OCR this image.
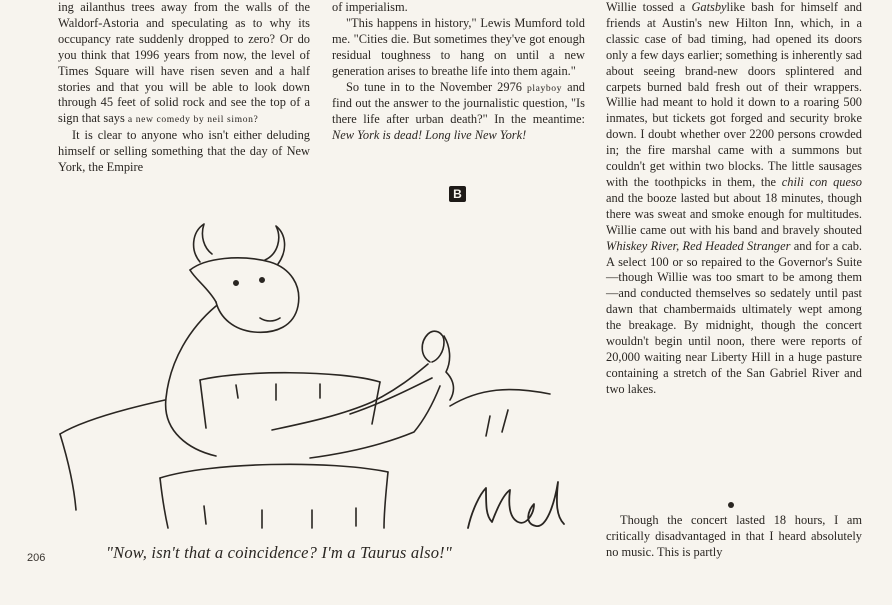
ing ailanthus trees away from the walls of the Waldorf-Astoria and speculating as to why its occupancy rate suddenly dropped to zero? Or do you think that 1996 years from now, the level of Times Square will have risen seven and a half stories and that you will be able to look down through 45 feet of solid rock and see the top of a sign that says a new comedy by neil simon?

It is clear to anyone who isn't either deluding himself or selling something that the day of New York, the Empire

of imperialism.

"This happens in history," Lewis Mumford told me. "Cities die. But sometimes they've got enough residual toughness to hang on until a new generation arises to breathe life into them again."

So tune in to the November 2976 playboy and find out the answer to the journalistic question, "Is there life after urban death?" In the meantime: New York is dead! Long live New York!

B

Willie tossed a Gatsbylike bash for himself and friends at Austin's new Hilton Inn, which, in a classic case of bad timing, had opened its doors only a few days earlier; something is inherently sad about seeing brand-new doors splintered and carpets burned bald fresh out of their wrappers. Willie had meant to hold it down to a roaring 500 inmates, but tickets got forged and security broke down. I doubt whether over 2200 persons crowded in; the fire marshal came with a summons but couldn't get within two blocks. The little sausages with the toothpicks in them, the chili con queso and the booze lasted but about 18 minutes, though there was sweat and smoke enough for multitudes. Willie came out with his band and bravely shouted Whiskey River, Red Headed Stranger and for a cab. A select 100 or so repaired to the Governor's Suite—though Willie was too smart to be among them—and conducted themselves so sedately until past dawn that chambermaids ultimately wept among the breakage. By midnight, though the concert wouldn't begin until noon, there were reports of 20,000 waiting near Liberty Hill in a huge pasture containing a stretch of the San Gabriel River and two lakes.

Though the concert lasted 18 hours, I am critically disadvantaged in that I heard absolutely no music. This is partly

"Now, isn't that a coincidence? I'm a Taurus also!"
206
